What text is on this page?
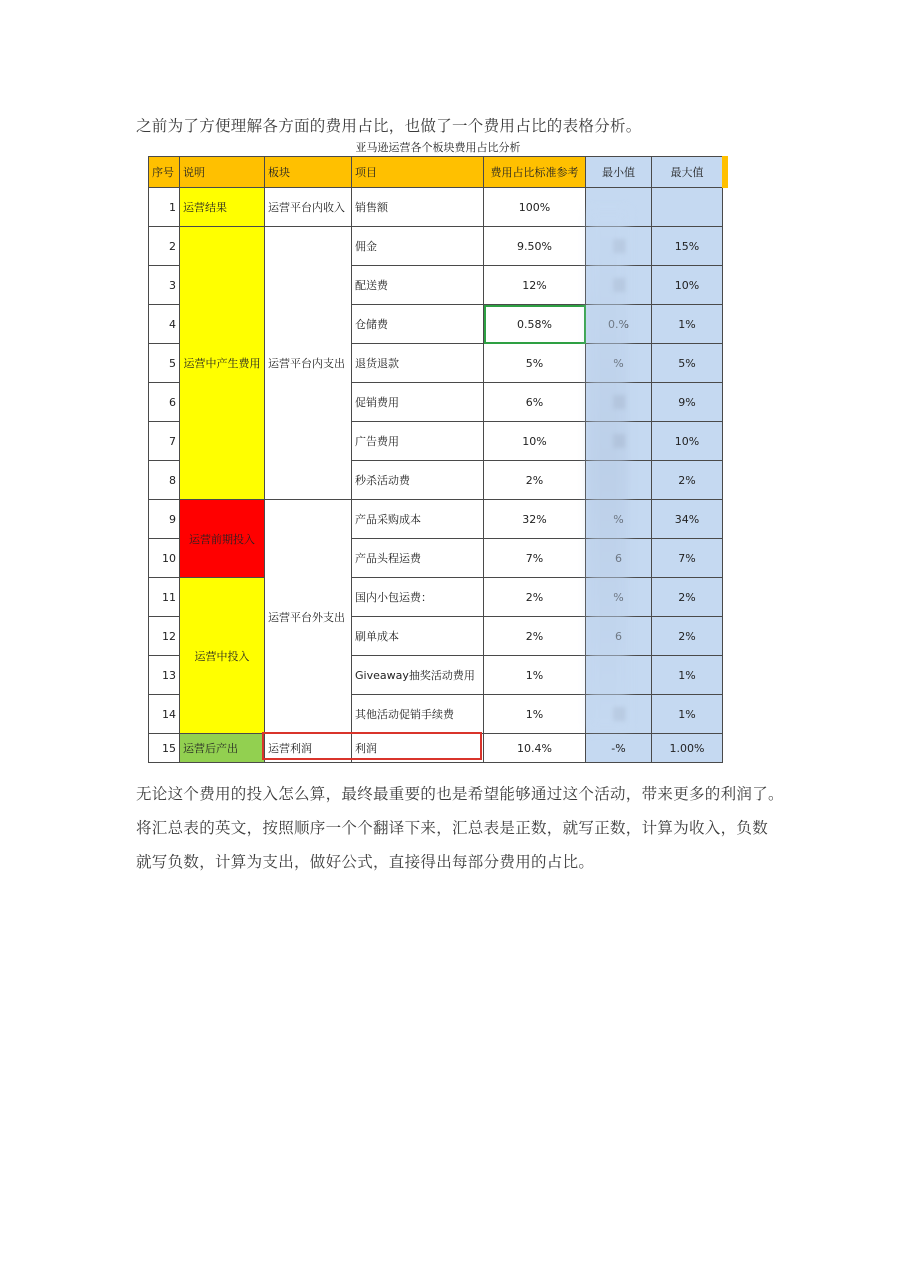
之前为了方便理解各方面的费用占比，也做了一个费用占比的表格分析。
亚马逊运营各个板块费用占比分析
序号	说明	板块	项目	费用占比标准参考	最小值	最大值
1	运营结果	运营平台内收入	销售额	100%		
2	运营中产生费用	运营平台内支出	佣金	9.50%		15%
3			配送费	12%		10%
4			仓储费	0.58%		1%
5			退货退款	5%		5%
6			促销费用	6%		9%
7			广告费用	10%		10%
8			秒杀活动费	2%		2%
9	运营前期投入	运营平台外支出	产品采购成本	32%		34%
10			产品头程运费	7%		7%
11	运营中投入		国内小包运费：	2%		2%
12			刷单成本	2%		2%
13			Giveaway抽奖活动费用	1%		1%
14			其他活动促销手续费	1%		1%
15	运营后产出	运营利润	利润	10.4%	-%	1.00%
无论这个费用的投入怎么算，最终最重要的也是希望能够通过这个活动，带来更多的利润了。
将汇总表的英文，按照顺序一个个翻译下来，汇总表是正数，就写正数，计算为收入，负数
就写负数，计算为支出，做好公式，直接得出每部分费用的占比。
